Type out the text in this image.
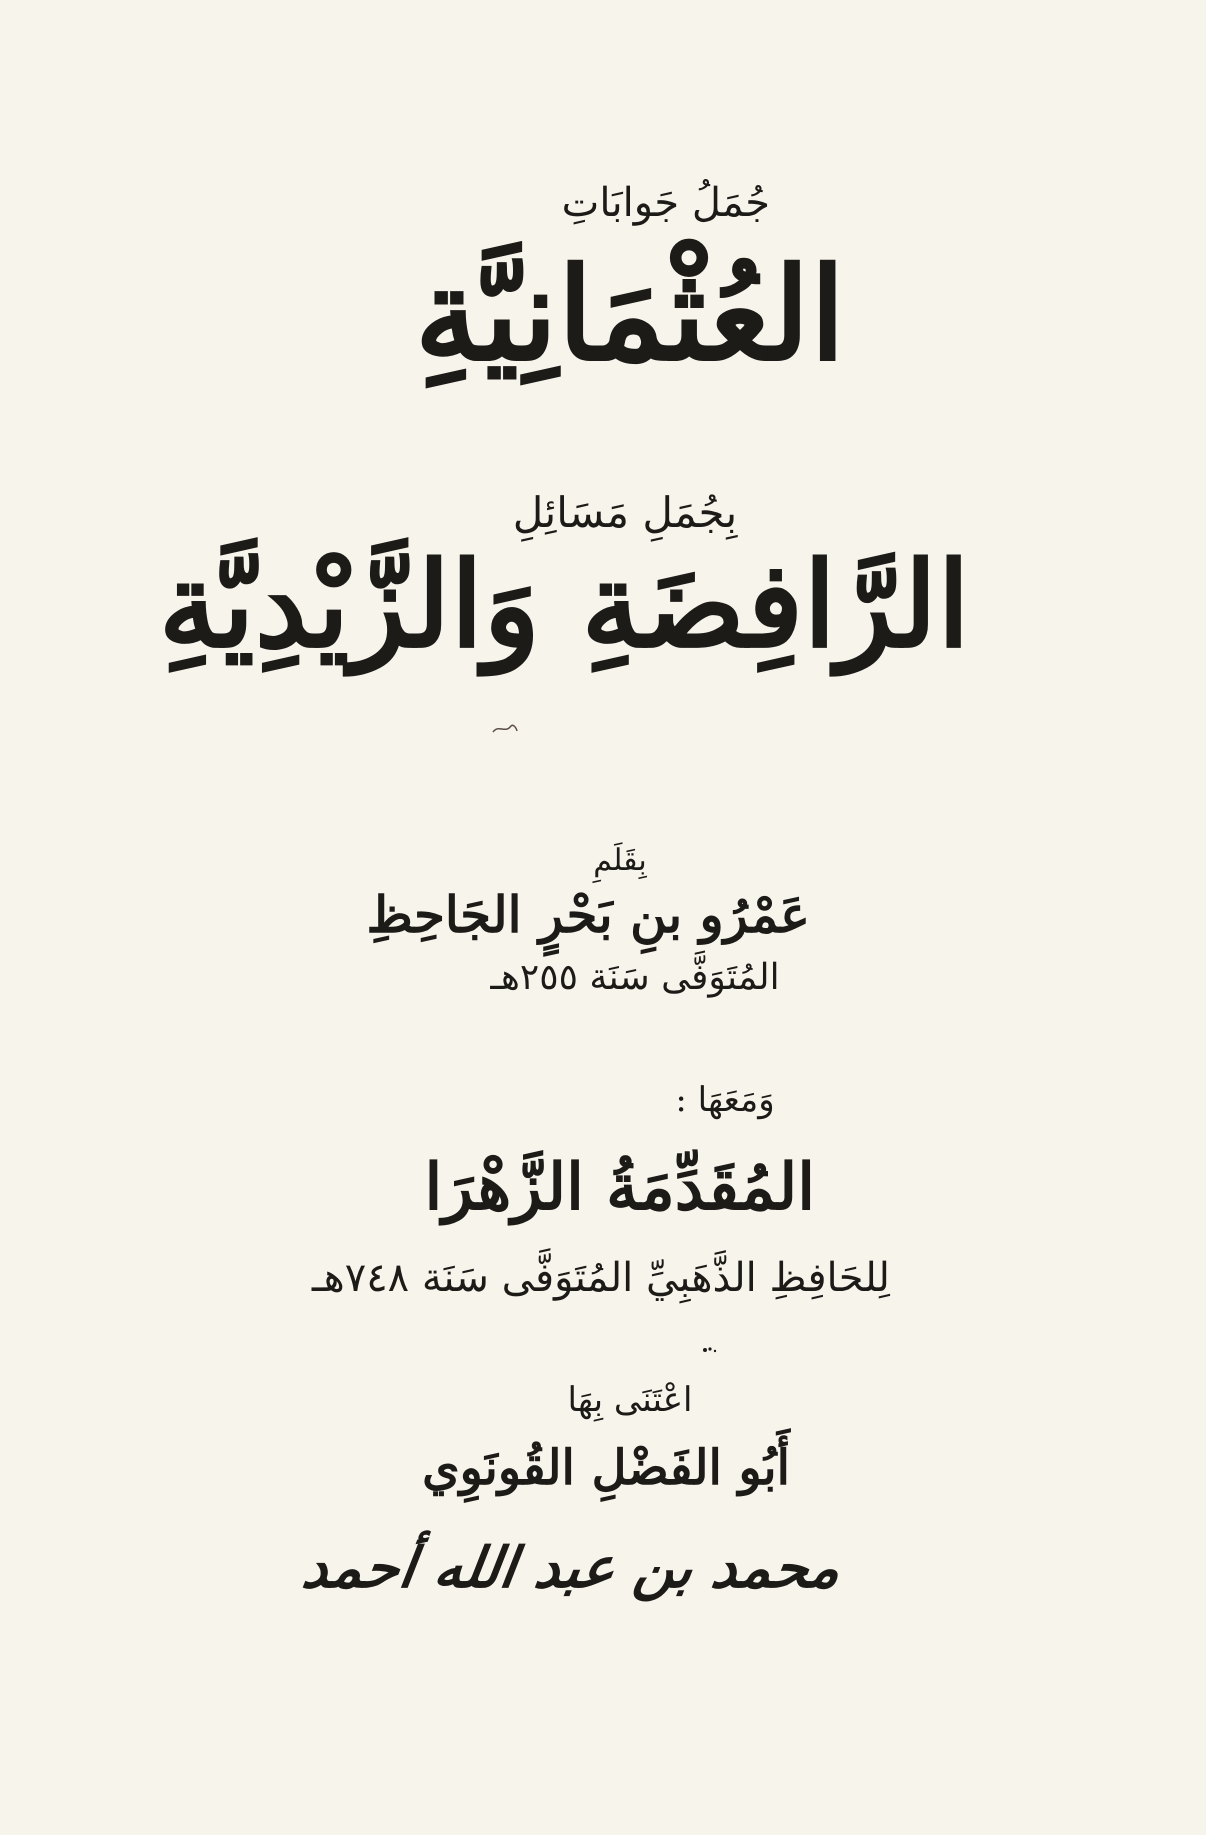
جُمَلُ جَوابَاتِ
العُثْمَانِيَّةِ
بِجُمَلِ مَسَائِلِ
الرَّافِضَةِ وَالزَّيْدِيَّةِ
بِقَلَمِ
عَمْرُو بنِ بَحْرٍ الجَاحِظِ
المُتَوَفَّى سَنَة ٢٥٥هـ
وَمَعَهَا :
المُقَدِّمَةُ الزَّهْرَا
لِلحَافِظِ الذَّهَبِيِّ المُتَوَفَّى سَنَة ٧٤٨هـ
اعْتَنَى بِهَا
أَبُو الفَضْلِ القُونَوِي
محمد بن عبد الله أحمد
